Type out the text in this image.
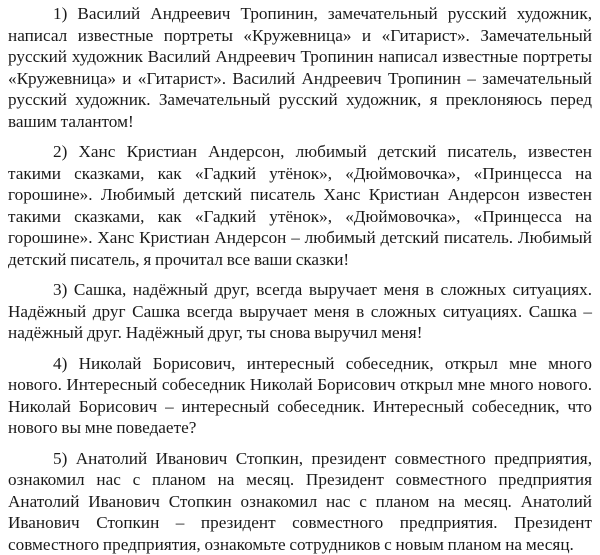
1) Василий Андреевич Тропинин, замечательный русский художник, написал известные портреты «Кружевница» и «Гитарист». Замечательный русский художник Василий Андреевич Тропинин написал известные портреты «Кружевница» и «Гитарист». Василий Андреевич Тропинин – замечательный русский художник. Замечательный русский художник, я преклоняюсь перед вашим талантом!

2) Ханс Кристиан Андерсон, любимый детский писатель, известен такими сказками, как «Гадкий утёнок», «Дюймовочка», «Принцесса на горошине». Любимый детский писатель Ханс Кристиан Андерсон известен такими сказками, как «Гадкий утёнок», «Дюймовочка», «Принцесса на горошине». Ханс Кристиан Андерсон – любимый детский писатель. Любимый детский писатель, я прочитал все ваши сказки!

3) Сашка, надёжный друг, всегда выручает меня в сложных ситуациях. Надёжный друг Сашка всегда выручает меня в сложных ситуациях. Сашка – надёжный друг. Надёжный друг, ты снова выручил меня!

4) Николай Борисович, интересный собеседник, открыл мне много нового. Интересный собеседник Николай Борисович открыл мне много нового. Николай Борисович – интересный собеседник. Интересный собеседник, что нового вы мне поведаете?

5) Анатолий Иванович Стопкин, президент совместного предприятия, ознакомил нас с планом на месяц. Президент совместного предприятия Анатолий Иванович Стопкин ознакомил нас с планом на месяц. Анатолий Иванович Стопкин – президент совместного предприятия. Президент совместного предприятия, ознакомьте сотрудников с новым планом на месяц.
